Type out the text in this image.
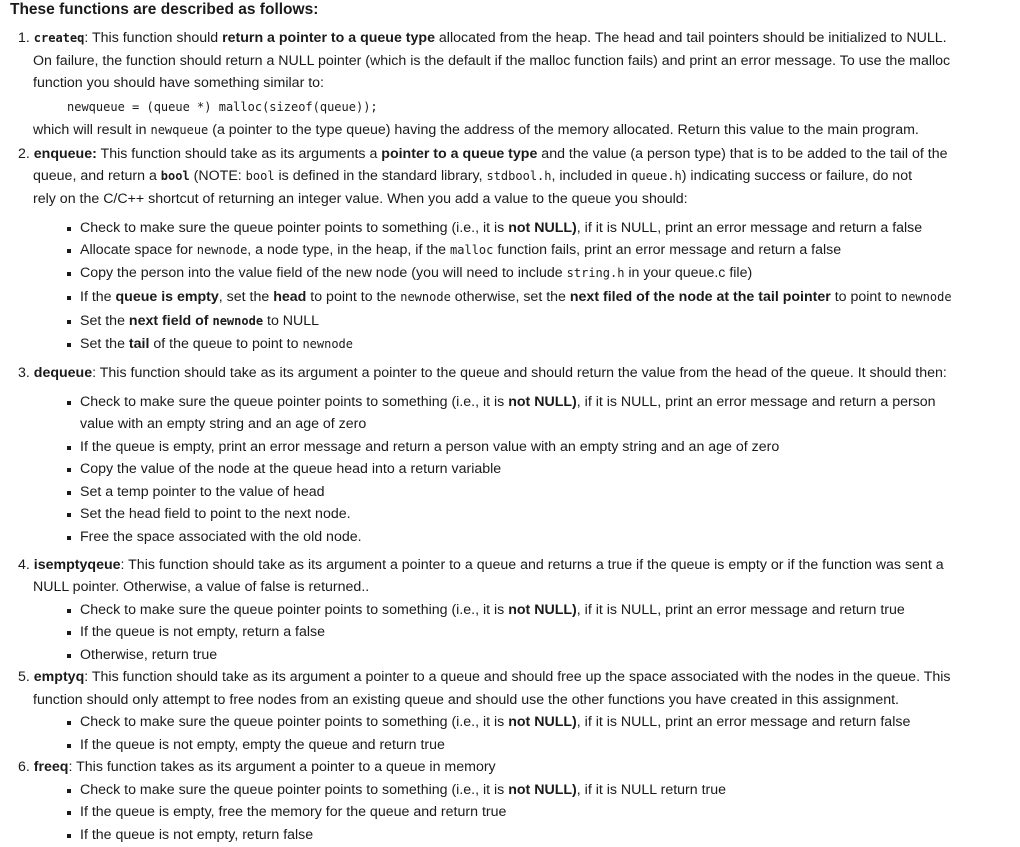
These functions are described as follows:
1. createq: This function should return a pointer to a queue type allocated from the heap. The head and tail pointers should be initialized to NULL.
On failure, the function should return a NULL pointer (which is the default if the malloc function fails) and print an error message. To use the malloc
function you should have something similar to:
newqueue = (queue *) malloc(sizeof(queue));
which will result in newqueue (a pointer to the type queue) having the address of the memory allocated. Return this value to the main program.
2. enqueue: This function should take as its arguments a pointer to a queue type and the value (a person type) that is to be added to the tail of the
queue, and return a bool (NOTE: bool is defined in the standard library, stdbool.h, included in queue.h) indicating success or failure, do not
rely on the C/C++ shortcut of returning an integer value. When you add a value to the queue you should:
Check to make sure the queue pointer points to something (i.e., it is not NULL), if it is NULL, print an error message and return a false
Allocate space for newnode, a node type, in the heap, if the malloc function fails, print an error message and return a false
Copy the person into the value field of the new node (you will need to include string.h in your queue.c file)
If the queue is empty, set the head to point to the newnode otherwise, set the next filed of the node at the tail pointer to point to newnode
Set the next field of newnode to NULL
Set the tail of the queue to point to newnode
3. dequeue: This function should take as its argument a pointer to the queue and should return the value from the head of the queue. It should then:
Check to make sure the queue pointer points to something (i.e., it is not NULL), if it is NULL, print an error message and return a person
value with an empty string and an age of zero
If the queue is empty, print an error message and return a person value with an empty string and an age of zero
Copy the value of the node at the queue head into a return variable
Set a temp pointer to the value of head
Set the head field to point to the next node.
Free the space associated with the old node.
4. isemptyqeue: This function should take as its argument a pointer to a queue and returns a true if the queue is empty or if the function was sent a
NULL pointer. Otherwise, a value of false is returned..
Check to make sure the queue pointer points to something (i.e., it is not NULL), if it is NULL, print an error message and return true
If the queue is not empty, return a false
Otherwise, return true
5. emptyq: This function should take as its argument a pointer to a queue and should free up the space associated with the nodes in the queue. This
function should only attempt to free nodes from an existing queue and should use the other functions you have created in this assignment.
Check to make sure the queue pointer points to something (i.e., it is not NULL), if it is NULL, print an error message and return false
If the queue is not empty, empty the queue and return true
6. freeq: This function takes as its argument a pointer to a queue in memory
Check to make sure the queue pointer points to something (i.e., it is not NULL), if it is NULL return true
If the queue is empty, free the memory for the queue and return true
If the queue is not empty, return false
